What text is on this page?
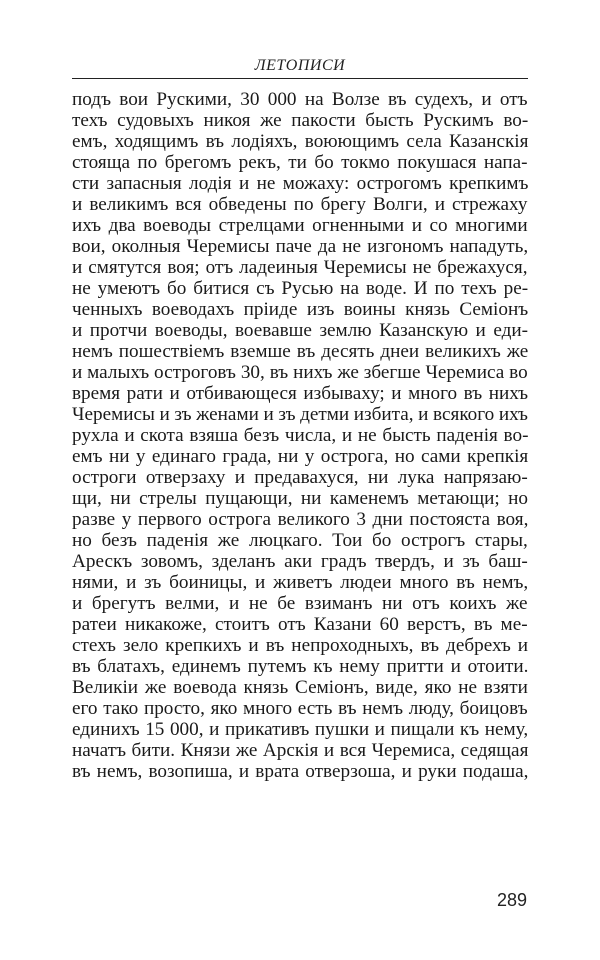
ЛЕТОПИСИ
подъ вои Рускими, 30 000 на Волзе въ судехъ, и отъ
техъ судовыхъ никоя же пакости бысть Рускимъ во-
емъ, ходящимъ въ лодіяхъ, воюющимъ села Казанскія
стояща по брегомъ рекъ, ти бо токмо покушася напа-
сти запасныя лодія и не можаху: острогомъ крепкимъ
и великимъ вся обведены по брегу Волги, и стрежаху
ихъ два воеводы стрелцами огненными и со многими
вои, околныя Черемисы паче да не изгономъ нападуть,
и смятутся воя; отъ ладеиныя Черемисы не брежахуся,
не умеютъ бо битися съ Русью на воде. И по техъ ре-
ченныхъ воеводахъ пріиде изъ воины князь Семіонъ
и протчи воеводы, воевавше землю Казанскую и еди-
немъ пошествіемъ вземше въ десять днеи великихъ же
и малыхъ остроговъ 30, въ нихъ же збегше Черемиса во
время рати и отбивающеся избываху; и много въ нихъ
Черемисы и зъ женами и зъ детми избита, и всякого ихъ
рухла и скота взяша безъ числа, и не бысть паденія во-
емъ ни у единаго града, ни у острога, но сами крепкія
остроги отверзаху и предавахуся, ни лука напрязаю-
щи, ни стрелы пущающи, ни каменемъ метающи; но
разве у первого острога великого 3 дни постояста воя,
но безъ паденія же люцкаго. Тои бо острогъ стары,
Арескъ зовомъ, зделанъ аки градъ твердъ, и зъ баш-
нями, и зъ боиницы, и живетъ людеи много въ немъ,
и брегутъ велми, и не бе взиманъ ни отъ коихъ же
ратеи никакоже, стоитъ отъ Казани 60 верстъ, въ ме-
стехъ зело крепкихъ и въ непроходныхъ, въ дебрехъ и
въ блатахъ, единемъ путемъ къ нему притти и отоити.
Великіи же воевода князь Семіонъ, виде, яко не взяти
его тако просто, яко много есть въ немъ люду, боицовъ
единихъ 15 000, и прикативъ пушки и пищали къ нему,
начатъ бити. Князи же Арскія и вся Черемиса, седящая
въ немъ, возопиша, и врата отверзоша, и руки подаша,
289
